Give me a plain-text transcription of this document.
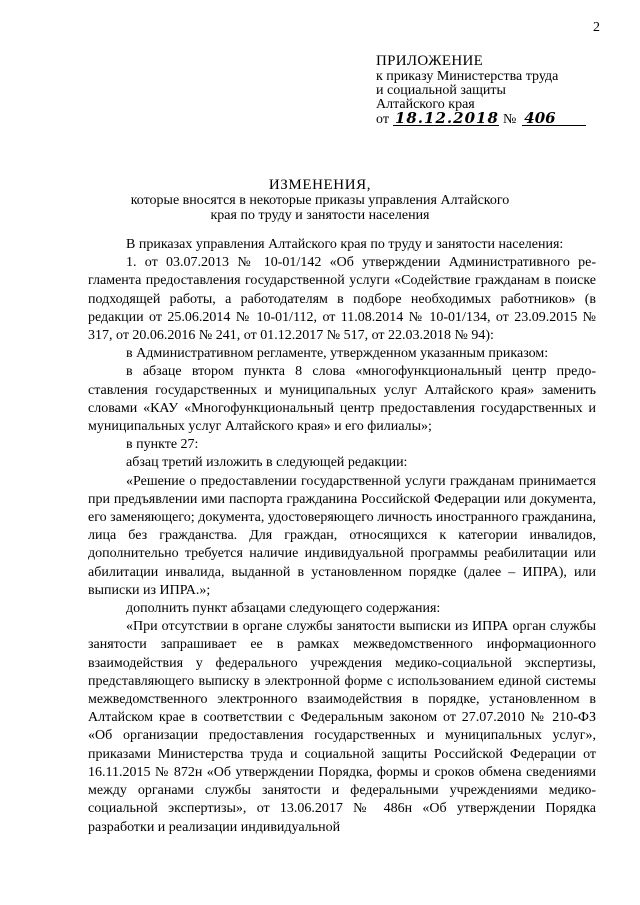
2
ПРИЛОЖЕНИЕ
к приказу Министерства труда
и социальной защиты
Алтайского края
от 18.12.2018 № 406
ИЗМЕНЕНИЯ,
которые вносятся в некоторые приказы управления Алтайского
края по труду и занятости населения

В приказах управления Алтайского края по труду и занятости населения:

1. от 03.07.2013 № 10-01/142 «Об утверждении Административного регламента предоставления государственной услуги «Содействие гражданам в поиске подходящей работы, а работодателям в подборе необходимых работников» (в редакции от 25.06.2014 № 10-01/112, от 11.08.2014 № 10-01/134, от 23.09.2015 № 317, от 20.06.2016 № 241, от 01.12.2017 № 517, от 22.03.2018 № 94):

в Административном регламенте, утвержденном указанным приказом:

в абзаце втором пункта 8 слова «многофункциональный центр предоставления государственных и муниципальных услуг Алтайского края» заменить словами «КАУ «Многофункциональный центр предоставления государственных и муниципальных услуг Алтайского края» и его филиалы»;

в пункте 27:

абзац третий изложить в следующей редакции:

«Решение о предоставлении государственной услуги гражданам принимается при предъявлении ими паспорта гражданина Российской Федерации или документа, его заменяющего; документа, удостоверяющего личность иностранного гражданина, лица без гражданства. Для граждан, относящихся к категории инвалидов, дополнительно требуется наличие индивидуальной программы реабилитации или абилитации инвалида, выданной в установленном порядке (далее – ИПРА), или выписки из ИПРА.»;

дополнить пункт абзацами следующего содержания:

«При отсутствии в органе службы занятости выписки из ИПРА орган службы занятости запрашивает ее в рамках межведомственного информационного взаимодействия у федерального учреждения медико-социальной экспертизы, представляющего выписку в электронной форме с использованием единой системы межведомственного электронного взаимодействия в порядке, установленном в Алтайском крае в соответствии с Федеральным законом от 27.07.2010 № 210-ФЗ «Об организации предоставления государственных и муниципальных услуг», приказами Министерства труда и социальной защиты Российской Федерации от 16.11.2015 № 872н «Об утверждении Порядка, формы и сроков обмена сведениями между органами службы занятости и федеральными учреждениями медико-социальной экспертизы», от 13.06.2017 № 486н «Об утверждении Порядка разработки и реализации индивидуальной
